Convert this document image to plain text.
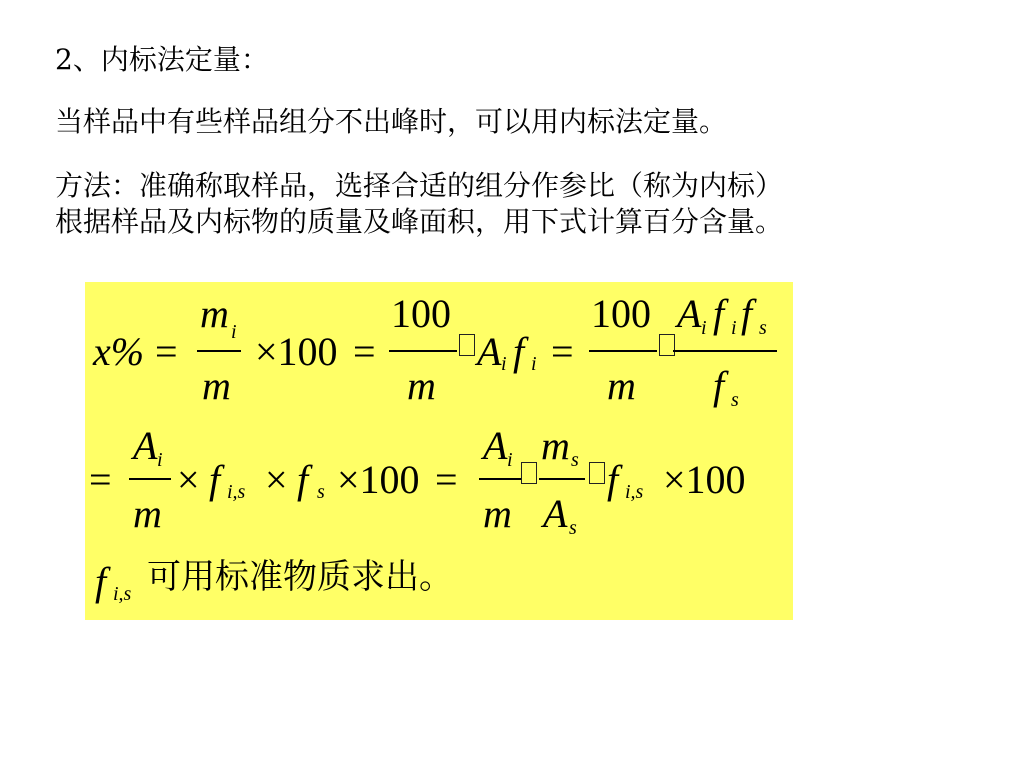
2、内标法定量：

当样品中有些样品组分不出峰时，可以用内标法定量。

方法：准确称取样品，选择合适的组分作参比（称为内标）

根据样品及内标物的质量及峰面积，用下式计算百分含量。

x% =
m i
m
×100 =
100
m
A i f i =
100
m
A i f i f s
f s
=
A i
m
× f i,s × f s ×100 =
A i
m
m s
A s
f i,s ×100
f i,s 可用标准物质求出。
